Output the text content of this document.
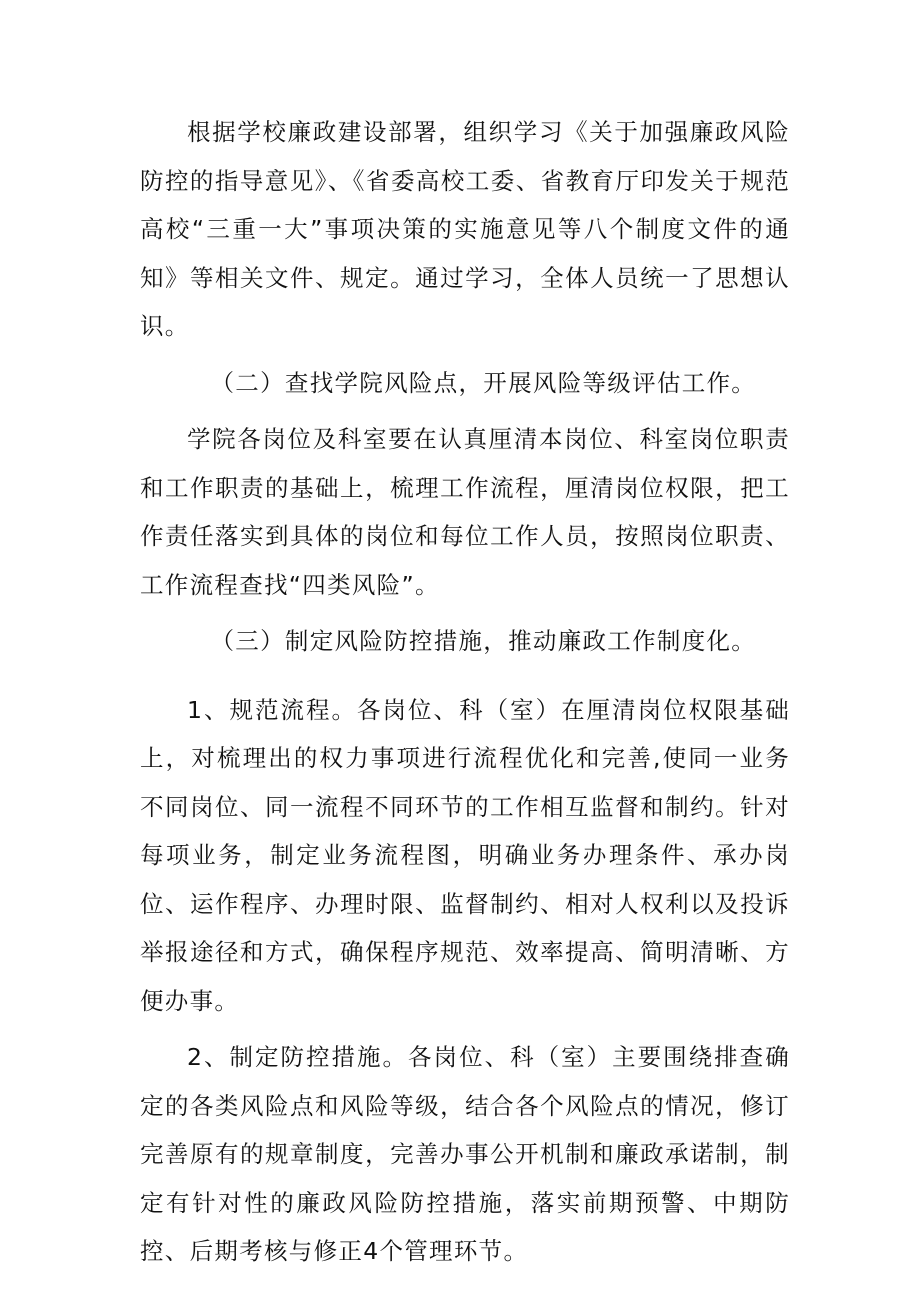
根据学校廉政建设部署，组织学习《关于加强廉政风险防控的指导意见》、《省委高校工委、省教育厅印发关于规范高校“三重一大”事项决策的实施意见等八个制度文件的通知》等相关文件、规定。通过学习，全体人员统一了思想认识。

（二）查找学院风险点，开展风险等级评估工作。

学院各岗位及科室要在认真厘清本岗位、科室岗位职责和工作职责的基础上，梳理工作流程，厘清岗位权限，把工作责任落实到具体的岗位和每位工作人员，按照岗位职责、工作流程查找“四类风险”。

（三）制定风险防控措施，推动廉政工作制度化。

1、规范流程。各岗位、科（室）在厘清岗位权限基础上，对梳理出的权力事项进行流程优化和完善,使同一业务不同岗位、同一流程不同环节的工作相互监督和制约。针对每项业务，制定业务流程图，明确业务办理条件、承办岗位、运作程序、办理时限、监督制约、相对人权利以及投诉举报途径和方式，确保程序规范、效率提高、简明清晰、方便办事。

2、制定防控措施。各岗位、科（室）主要围绕排查确定的各类风险点和风险等级，结合各个风险点的情况，修订完善原有的规章制度，完善办事公开机制和廉政承诺制，制定有针对性的廉政风险防控措施，落实前期预警、中期防控、后期考核与修正4个管理环节。
